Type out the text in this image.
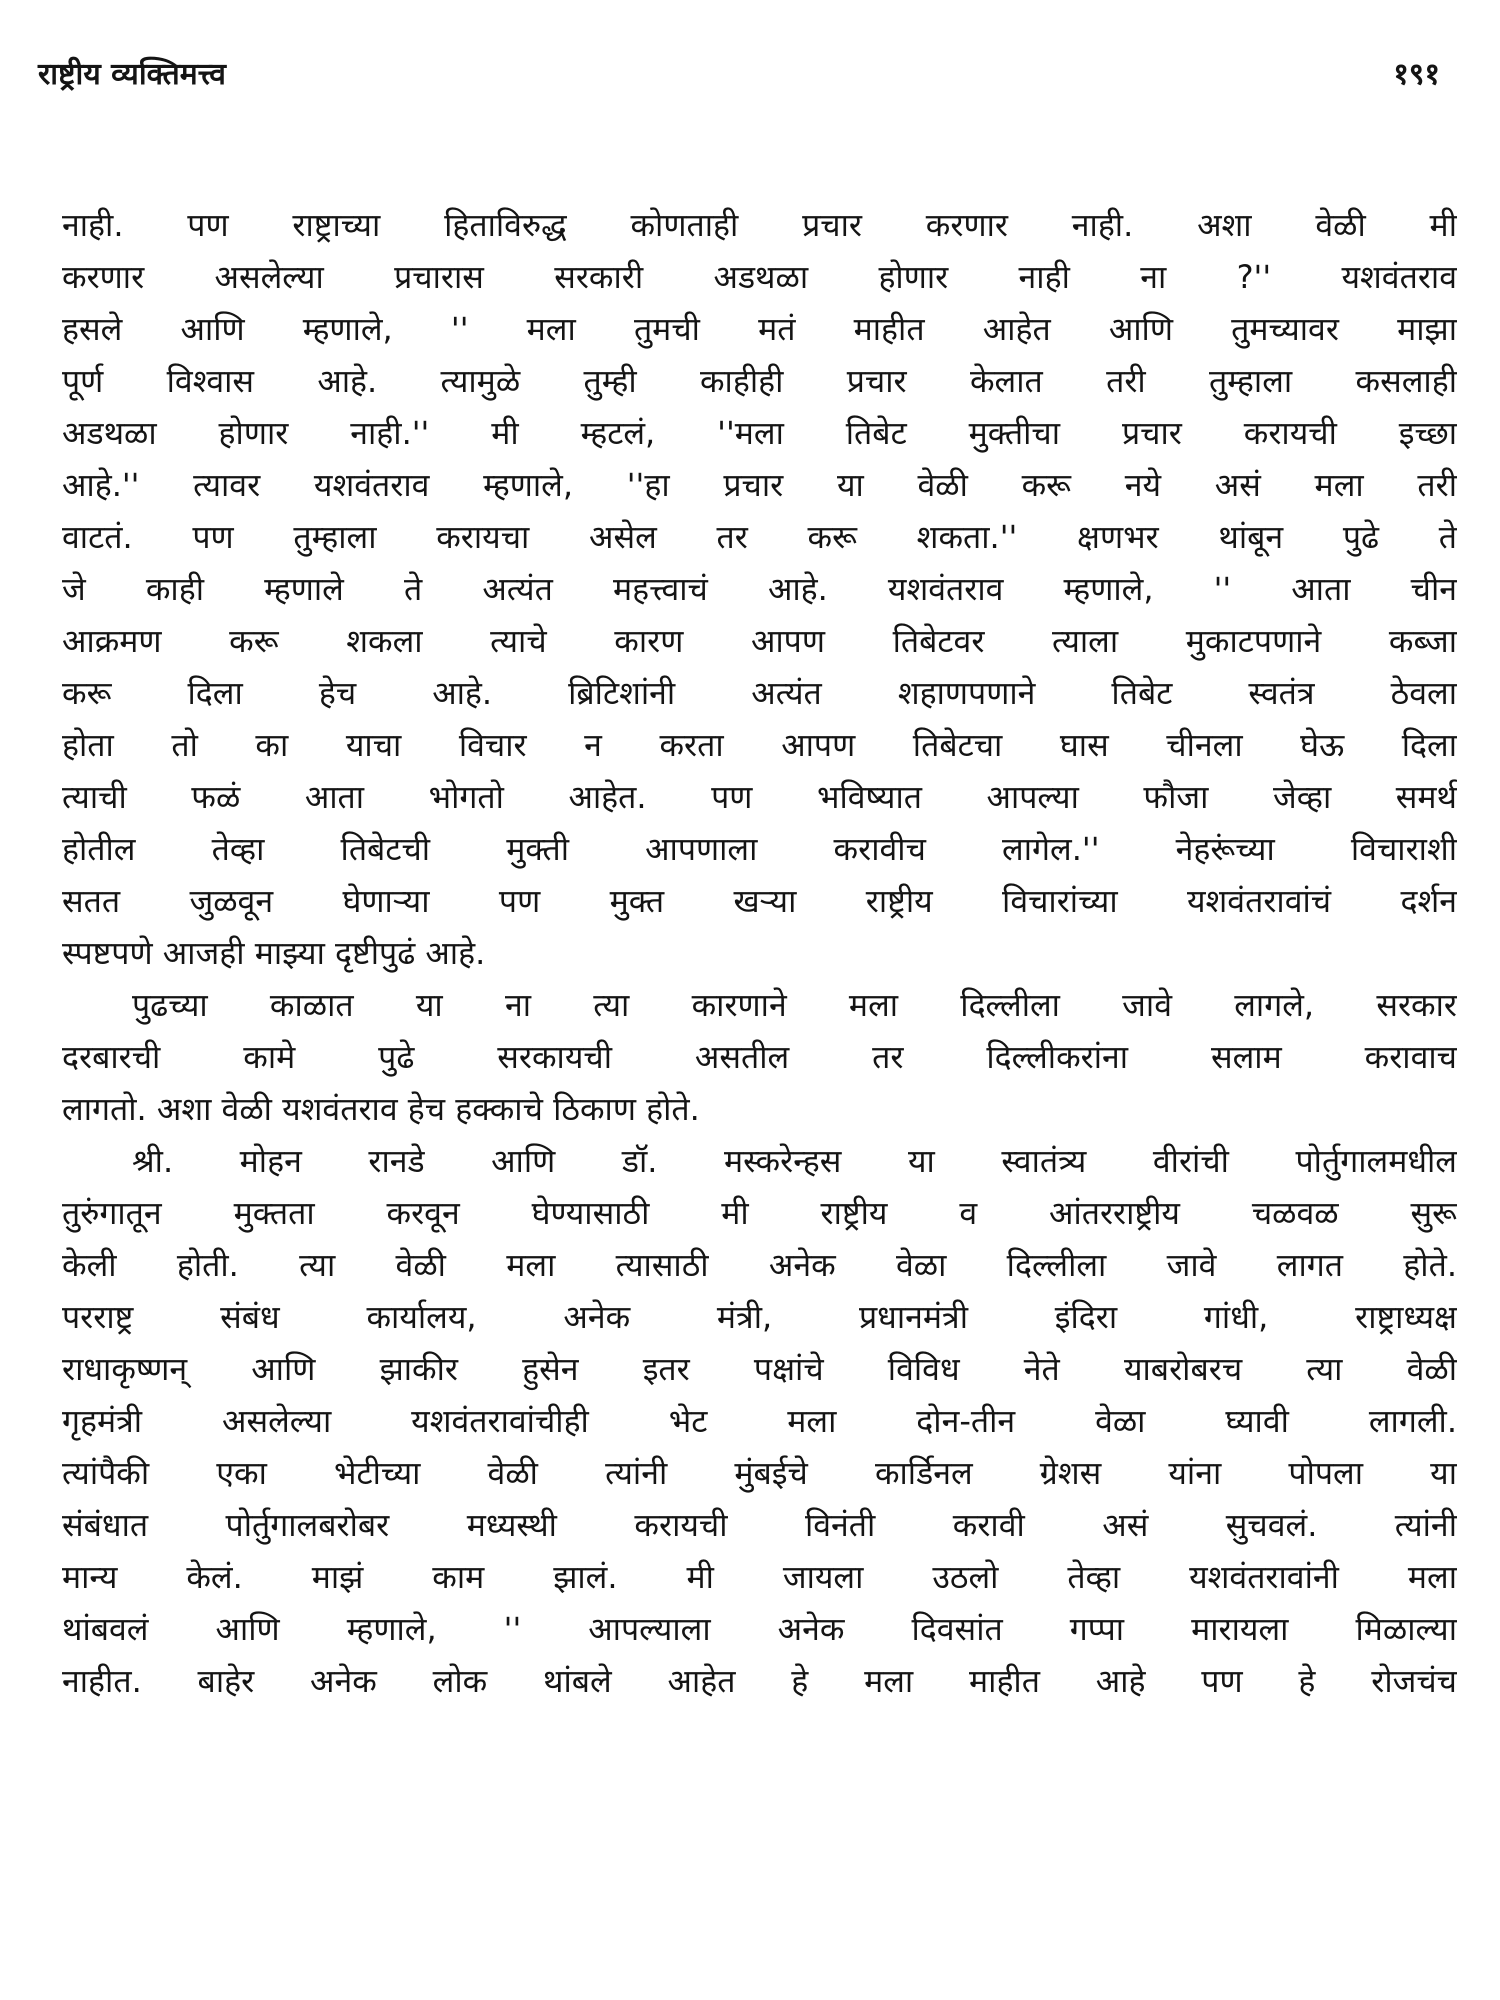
राष्ट्रीय व्यक्तिमत्त्व	१९१
नाही. पण राष्ट्राच्या हिताविरुद्ध कोणताही प्रचार करणार नाही. अशा वेळी मी
करणार असलेल्या प्रचारास सरकारी अडथळा होणार नाही ना ?'' यशवंतराव
हसले आणि म्हणाले, '' मला तुमची मतं माहीत आहेत आणि तुमच्यावर माझा
पूर्ण विश्वास आहे. त्यामुळे तुम्ही काहीही प्रचार केलात तरी तुम्हाला कसलाही
अडथळा होणार नाही.'' मी म्हटलं, ''मला तिबेट मुक्तीचा प्रचार करायची इच्छा
आहे.'' त्यावर यशवंतराव म्हणाले, ''हा प्रचार या वेळी करू नये असं मला तरी
वाटतं. पण तुम्हाला करायचा असेल तर करू शकता.'' क्षणभर थांबून पुढे ते
जे काही म्हणाले ते अत्यंत महत्त्वाचं आहे. यशवंतराव म्हणाले, '' आता चीन
आक्रमण करू शकला त्याचे कारण आपण तिबेटवर त्याला मुकाटपणाने कब्जा
करू दिला हेच आहे. ब्रिटिशांनी अत्यंत शहाणपणाने तिबेट स्वतंत्र ठेवला
होता तो का याचा विचार न करता आपण तिबेटचा घास चीनला घेऊ दिला
त्याची फळं आता भोगतो आहेत. पण भविष्यात आपल्या फौजा जेव्हा समर्थ
होतील तेव्हा तिबेटची मुक्ती आपणाला करावीच लागेल.'' नेहरूंच्या विचाराशी
सतत जुळवून घेणाऱ्या पण मुक्त खऱ्या राष्ट्रीय विचारांच्या यशवंतरावांचं दर्शन
स्पष्टपणे आजही माझ्या दृष्टीपुढं आहे.
पुढच्या काळात या ना त्या कारणाने मला दिल्लीला जावे लागले, सरकार
दरबारची कामे पुढे सरकायची असतील तर दिल्लीकरांना सलाम करावाच
लागतो. अशा वेळी यशवंतराव हेच हक्काचे ठिकाण होते.
श्री. मोहन रानडे आणि डॉ. मस्करेन्हस या स्वातंत्र्य वीरांची पोर्तुगालमधील
तुरुंगातून मुक्तता करवून घेण्यासाठी मी राष्ट्रीय व आंतरराष्ट्रीय चळवळ सुरू
केली होती. त्या वेळी मला त्यासाठी अनेक वेळा दिल्लीला जावे लागत होते.
परराष्ट्र संबंध कार्यालय, अनेक मंत्री, प्रधानमंत्री इंदिरा गांधी, राष्ट्राध्यक्ष
राधाकृष्णन् आणि झाकीर हुसेन इतर पक्षांचे विविध नेते याबरोबरच त्या वेळी
गृहमंत्री असलेल्या यशवंतरावांचीही भेट मला दोन-तीन वेळा घ्यावी लागली.
त्यांपैकी एका भेटीच्या वेळी त्यांनी मुंबईचे कार्डिनल ग्रेशस यांना पोपला या
संबंधात पोर्तुगालबरोबर मध्यस्थी करायची विनंती करावी असं सुचवलं. त्यांनी
मान्य केलं. माझं काम झालं. मी जायला उठलो तेव्हा यशवंतरावांनी मला
थांबवलं आणि म्हणाले, '' आपल्याला अनेक दिवसांत गप्पा मारायला मिळाल्या
नाहीत. बाहेर अनेक लोक थांबले आहेत हे मला माहीत आहे पण हे रोजचंच
